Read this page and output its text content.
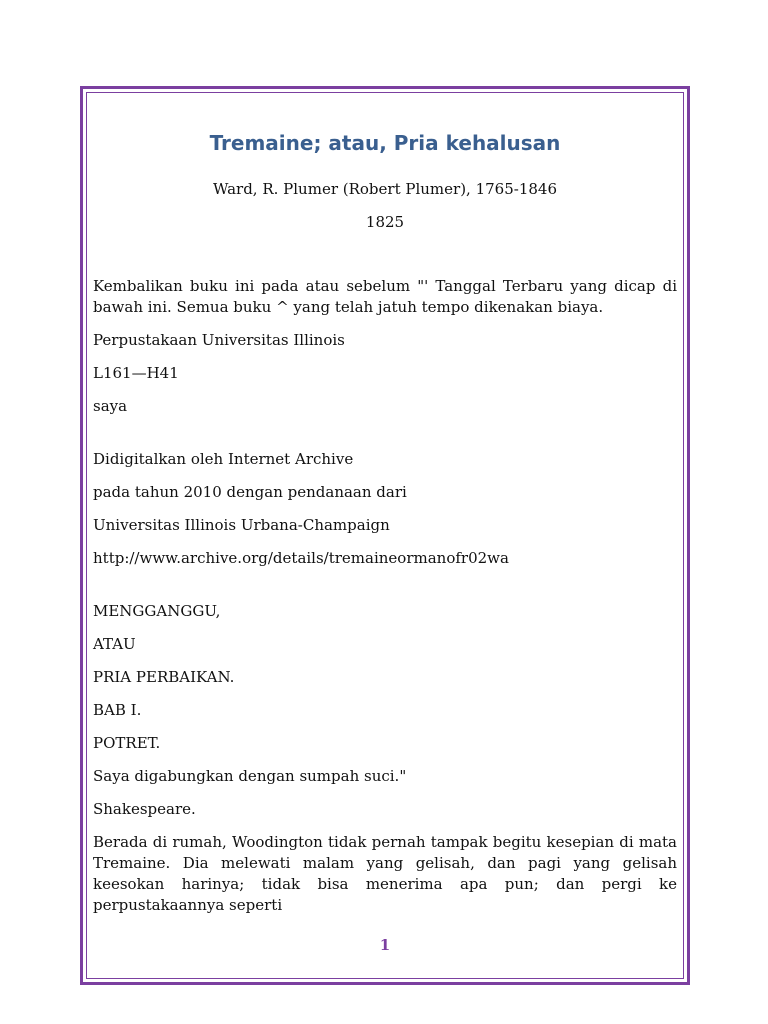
Tremaine; atau, Pria kehalusan

Ward, R. Plumer (Robert Plumer), 1765-1846

1825

Kembalikan buku ini pada atau sebelum "' Tanggal Terbaru yang dicap di bawah ini. Semua buku ^ yang telah jatuh tempo dikenakan biaya.

Perpustakaan Universitas Illinois

L161—H41

saya

Didigitalkan oleh Internet Archive

pada tahun 2010 dengan pendanaan dari

Universitas Illinois Urbana-Champaign

http://www.archive.org/details/tremaineormanofr02wa

MENGGANGGU,

ATAU

PRIA PERBAIKAN.

BAB I.

POTRET.

Saya digabungkan dengan sumpah suci."

Shakespeare.

Berada di rumah, Woodington tidak pernah tampak begitu kesepian di mata Tremaine. Dia melewati malam yang gelisah, dan pagi yang gelisah keesokan harinya; tidak bisa menerima apa pun; dan pergi ke perpustakaannya seperti

1
